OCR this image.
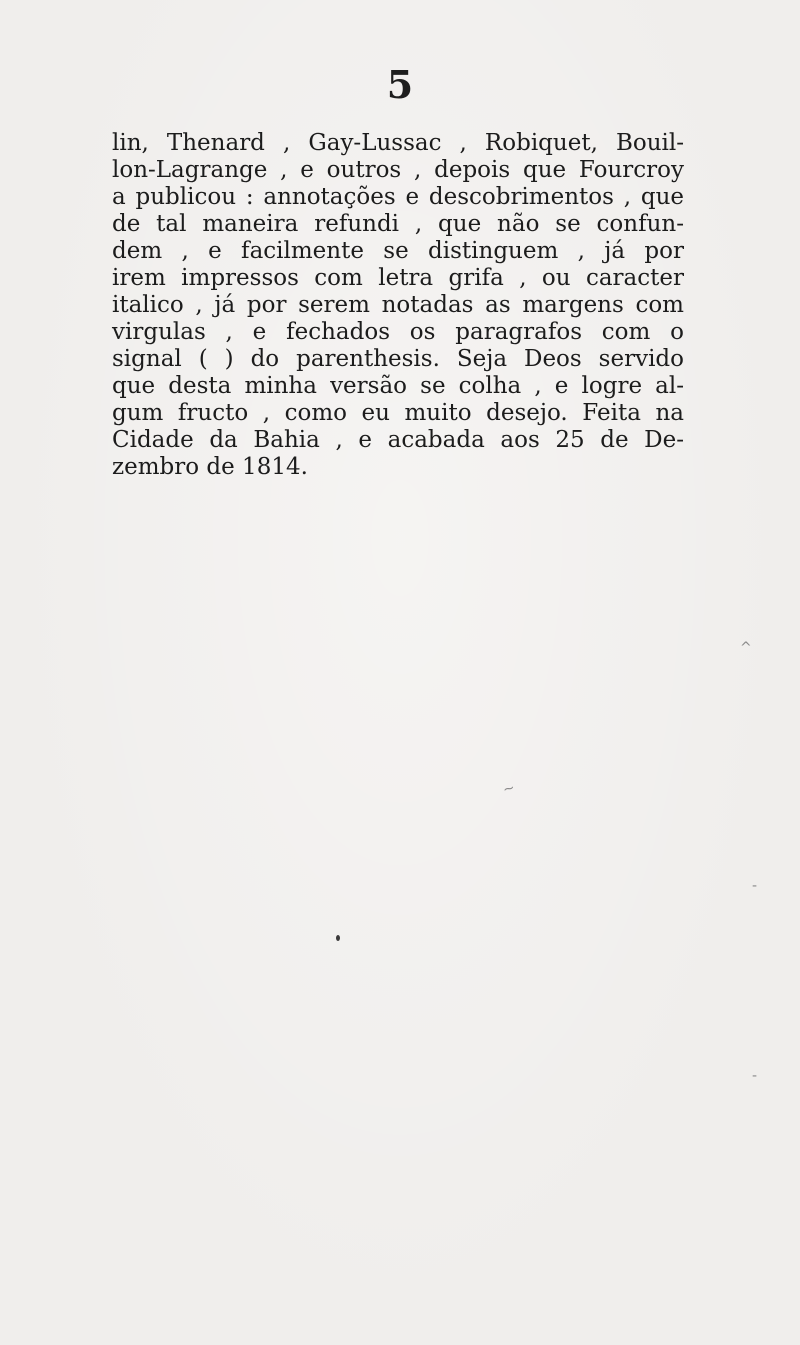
5
lin, Thenard , Gay-Lussac , Robiquet, Bouil-
lon-Lagrange , e outros , depois que Fourcroy
a publicou : annotações e descobrimentos , que
de tal maneira refundi , que não se confun-
dem , e facilmente se distinguem , já por
irem impressos com letra grifa , ou caracter
italico , já por serem notadas as margens com
virgulas , e fechados os paragrafos com o
signal ( ) do parenthesis. Seja Deos servido
que desta minha versão se colha , e logre al-
gum fructo , como eu muito desejo. Feita na
Cidade da Bahia , e acabada aos 25 de De-
zembro de 1814.
~
-
-
^
